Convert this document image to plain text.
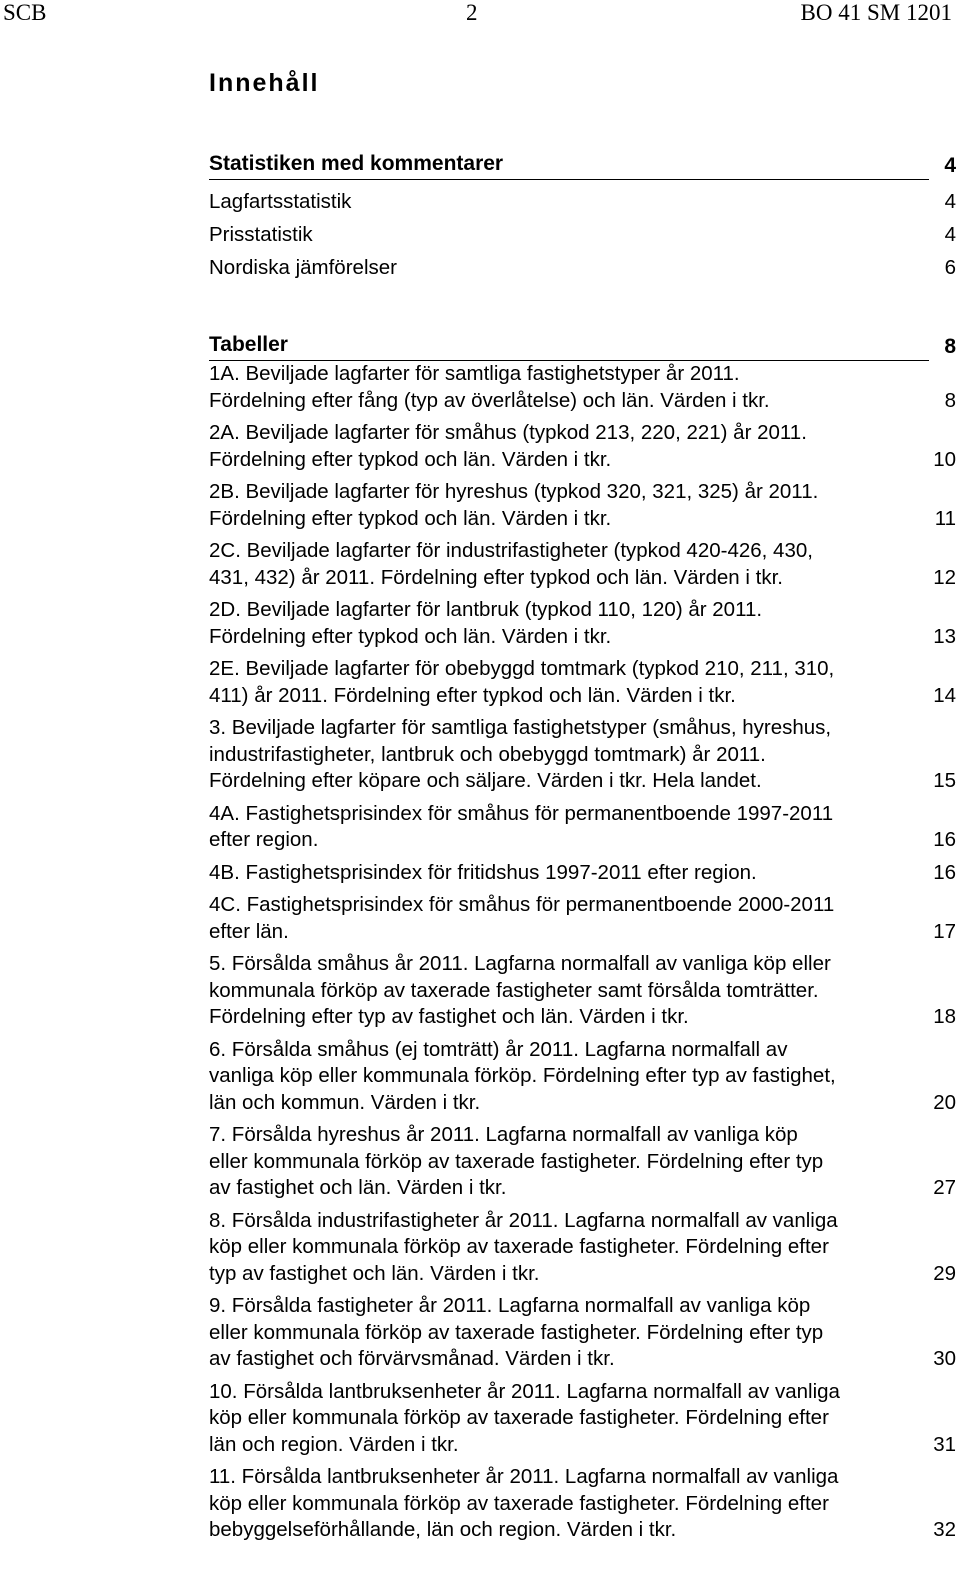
SCB	2	BO 41 SM 1201
Innehåll
Statistiken med kommentarer	4
Lagfartsstatistik	4
Prisstatistik	4
Nordiska jämförelser	6
Tabeller	8
1A. Beviljade lagfarter för samtliga fastighetstyper år 2011.
Fördelning efter fång (typ av överlåtelse) och län. Värden i tkr.	8
2A. Beviljade lagfarter för småhus (typkod 213, 220, 221) år 2011.
Fördelning efter typkod och län. Värden i tkr.	10
2B. Beviljade lagfarter för hyreshus (typkod 320, 321, 325) år 2011.
Fördelning efter typkod och län. Värden i tkr.	11
2C. Beviljade lagfarter för industrifastigheter (typkod 420-426, 430,
431, 432) år 2011. Fördelning efter typkod och län. Värden i tkr.	12
2D. Beviljade lagfarter för lantbruk (typkod 110, 120) år 2011.
Fördelning efter typkod och län. Värden i tkr.	13
2E. Beviljade lagfarter för obebyggd tomtmark (typkod 210, 211, 310,
411) år 2011. Fördelning efter typkod och län. Värden i tkr.	14
3. Beviljade lagfarter för samtliga fastighetstyper (småhus, hyreshus,
industrifastigheter, lantbruk och obebyggd tomtmark) år 2011.
Fördelning efter köpare och säljare. Värden i tkr. Hela landet.	15
4A. Fastighetsprisindex för småhus för permanentboende 1997-2011
efter region.	16
4B. Fastighetsprisindex för fritidshus 1997-2011 efter region.	16
4C. Fastighetsprisindex för småhus för permanentboende 2000-2011
efter län.	17
5. Försålda småhus år 2011. Lagfarna normalfall av vanliga köp eller
kommunala förköp av taxerade fastigheter samt försålda tomträtter.
Fördelning efter typ av fastighet och län. Värden i tkr.	18
6. Försålda småhus (ej tomträtt) år 2011. Lagfarna normalfall av
vanliga köp eller kommunala förköp. Fördelning efter typ av fastighet,
län och kommun. Värden i tkr.	20
7. Försålda hyreshus år 2011. Lagfarna normalfall av vanliga köp
eller kommunala förköp av taxerade fastigheter. Fördelning efter typ
av fastighet och län. Värden i tkr.	27
8. Försålda industrifastigheter år 2011. Lagfarna normalfall av vanliga
köp eller kommunala förköp av taxerade fastigheter. Fördelning efter
typ av fastighet och län. Värden i tkr.	29
9. Försålda fastigheter år 2011. Lagfarna normalfall av vanliga köp
eller kommunala förköp av taxerade fastigheter. Fördelning efter typ
av fastighet och förvärvsmånad. Värden i tkr.	30
10. Försålda lantbruksenheter år 2011. Lagfarna normalfall av vanliga
köp eller kommunala förköp av taxerade fastigheter. Fördelning efter
län och region. Värden i tkr.	31
11. Försålda lantbruksenheter år 2011. Lagfarna normalfall av vanliga
köp eller kommunala förköp av taxerade fastigheter. Fördelning efter
bebyggelseförhållande, län och region. Värden i tkr.	32
